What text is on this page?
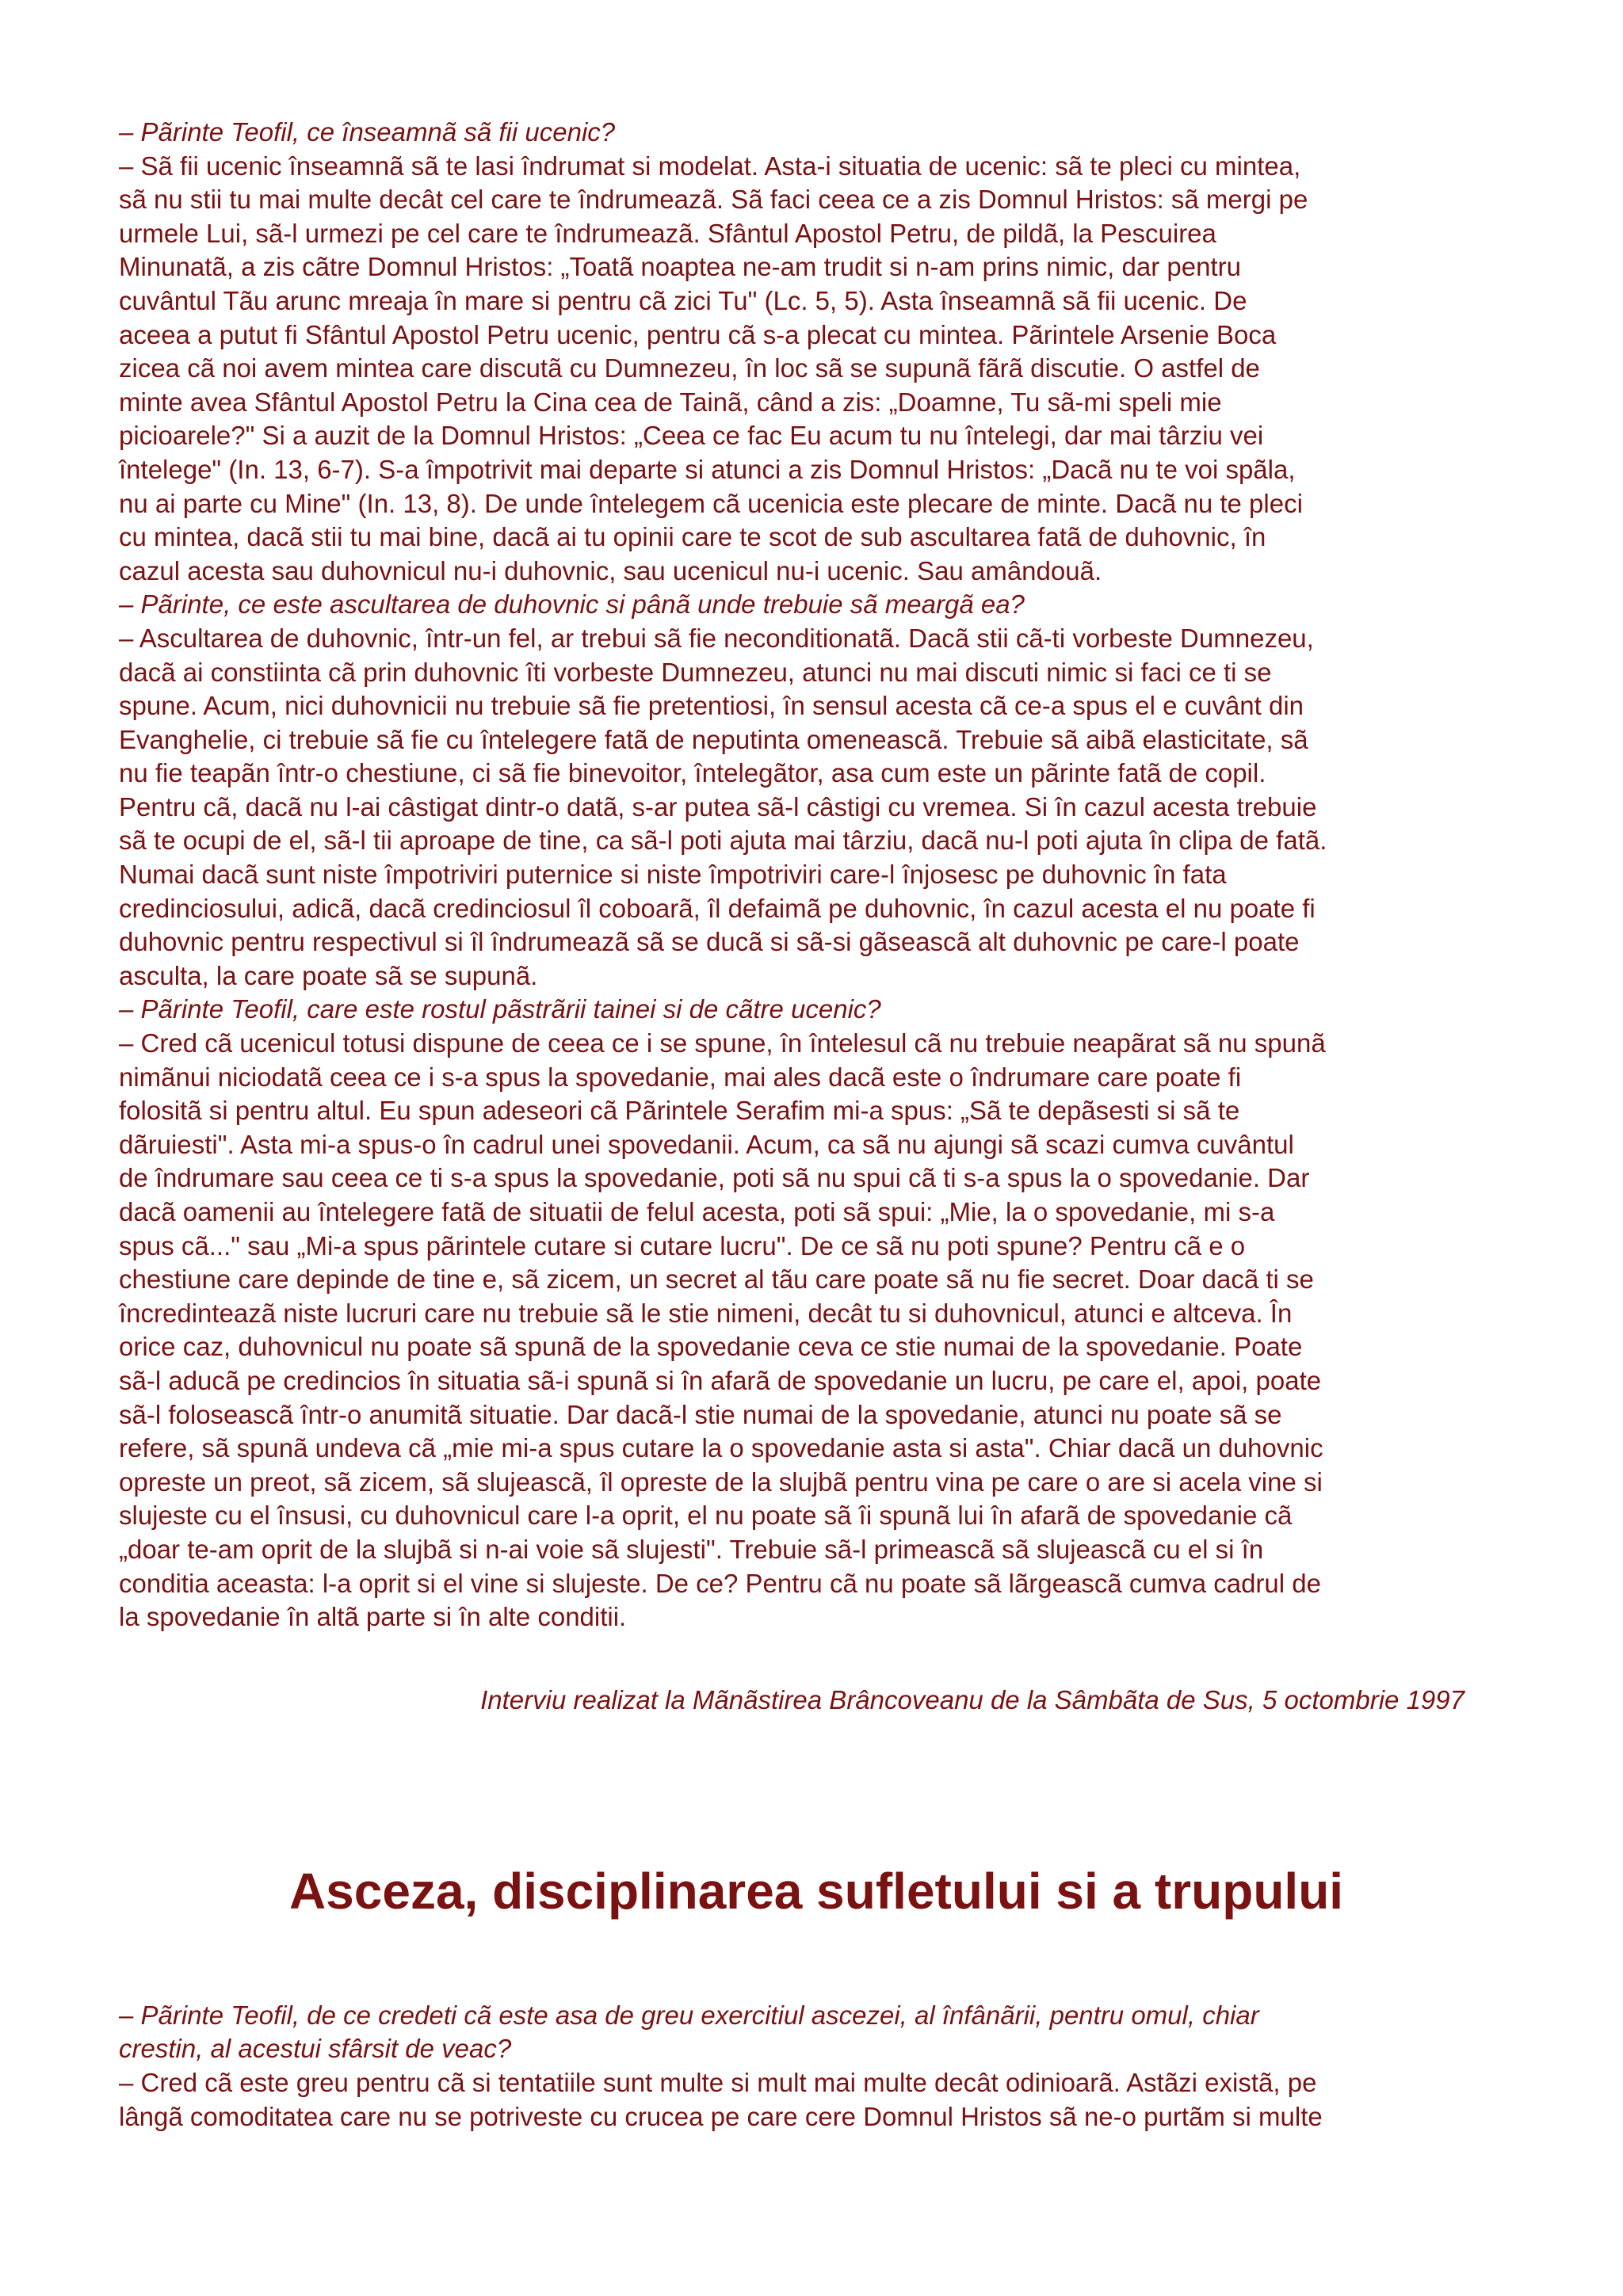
– Pãrinte Teofil, ce înseamnã sã fii ucenic?

– Sã fii ucenic înseamnã sã te lasi îndrumat si modelat. Asta-i situatia de ucenic: sã te pleci cu mintea,
sã nu stii tu mai multe decât cel care te îndrumeazã. Sã faci ceea ce a zis Domnul Hristos: sã mergi pe
urmele Lui, sã-l urmezi pe cel care te îndrumeazã. Sfântul Apostol Petru, de pildã, la Pescuirea
Minunatã, a zis cãtre Domnul Hristos: „Toatã noaptea ne-am trudit si n-am prins nimic, dar pentru
cuvântul Tãu arunc mreaja în mare si pentru cã zici Tu" (Lc. 5, 5). Asta înseamnã sã fii ucenic. De
aceea a putut fi Sfântul Apostol Petru ucenic, pentru cã s-a plecat cu mintea. Pãrintele Arsenie Boca
zicea cã noi avem mintea care discutã cu Dumnezeu, în loc sã se supunã fãrã discutie. O astfel de
minte avea Sfântul Apostol Petru la Cina cea de Tainã, când a zis: „Doamne, Tu sã-mi speli mie
picioarele?" Si a auzit de la Domnul Hristos: „Ceea ce fac Eu acum tu nu întelegi, dar mai târziu vei
întelege" (In. 13, 6-7). S-a împotrivit mai departe si atunci a zis Domnul Hristos: „Dacã nu te voi spãla,
nu ai parte cu Mine" (In. 13, 8). De unde întelegem cã ucenicia este plecare de minte. Dacã nu te pleci
cu mintea, dacã stii tu mai bine, dacã ai tu opinii care te scot de sub ascultarea fatã de duhovnic, în
cazul acesta sau duhovnicul nu-i duhovnic, sau ucenicul nu-i ucenic. Sau amândouã.

– Pãrinte, ce este ascultarea de duhovnic si pânã unde trebuie sã meargã ea?

– Ascultarea de duhovnic, într-un fel, ar trebui sã fie neconditionatã. Dacã stii cã-ti vorbeste Dumnezeu,
dacã ai constiinta cã prin duhovnic îti vorbeste Dumnezeu, atunci nu mai discuti nimic si faci ce ti se
spune. Acum, nici duhovnicii nu trebuie sã fie pretentiosi, în sensul acesta cã ce-a spus el e cuvânt din
Evanghelie, ci trebuie sã fie cu întelegere fatã de neputinta omeneascã. Trebuie sã aibã elasticitate, sã
nu fie teapãn într-o chestiune, ci sã fie binevoitor, întelegãtor, asa cum este un pãrinte fatã de copil.
Pentru cã, dacã nu l-ai câstigat dintr-o datã, s-ar putea sã-l câstigi cu vremea. Si în cazul acesta trebuie
sã te ocupi de el, sã-l tii aproape de tine, ca sã-l poti ajuta mai târziu, dacã nu-l poti ajuta în clipa de fatã.
Numai dacã sunt niste împotriviri puternice si niste împotriviri care-l înjosesc pe duhovnic în fata
credinciosului, adicã, dacã credinciosul îl coboarã, îl defaimã pe duhovnic, în cazul acesta el nu poate fi
duhovnic pentru respectivul si îl îndrumeazã sã se ducã si sã-si gãseascã alt duhovnic pe care-l poate
asculta, la care poate sã se supunã.

– Pãrinte Teofil, care este rostul pãstrãrii tainei si de cãtre ucenic?

– Cred cã ucenicul totusi dispune de ceea ce i se spune, în întelesul cã nu trebuie neapãrat sã nu spunã
nimãnui niciodatã ceea ce i s-a spus la spovedanie, mai ales dacã este o îndrumare care poate fi
folositã si pentru altul. Eu spun adeseori cã Pãrintele Serafim mi-a spus: „Sã te depãsesti si sã te
dãruiesti". Asta mi-a spus-o în cadrul unei spovedanii. Acum, ca sã nu ajungi sã scazi cumva cuvântul
de îndrumare sau ceea ce ti s-a spus la spovedanie, poti sã nu spui cã ti s-a spus la o spovedanie. Dar
dacã oamenii au întelegere fatã de situatii de felul acesta, poti sã spui: „Mie, la o spovedanie, mi s-a
spus cã..." sau „Mi-a spus pãrintele cutare si cutare lucru". De ce sã nu poti spune? Pentru cã e o
chestiune care depinde de tine e, sã zicem, un secret al tãu care poate sã nu fie secret. Doar dacã ti se
încredinteazã niste lucruri care nu trebuie sã le stie nimeni, decât tu si duhovnicul, atunci e altceva. În
orice caz, duhovnicul nu poate sã spunã de la spovedanie ceva ce stie numai de la spovedanie. Poate
sã-l aducã pe credincios în situatia sã-i spunã si în afarã de spovedanie un lucru, pe care el, apoi, poate
sã-l foloseascã într-o anumitã situatie. Dar dacã-l stie numai de la spovedanie, atunci nu poate sã se
refere, sã spunã undeva cã „mie mi-a spus cutare la o spovedanie asta si asta". Chiar dacã un duhovnic
opreste un preot, sã zicem, sã slujeascã, îl opreste de la slujbã pentru vina pe care o are si acela vine si
slujeste cu el însusi, cu duhovnicul care l-a oprit, el nu poate sã îi spunã lui în afarã de spovedanie cã
„doar te-am oprit de la slujbã si n-ai voie sã slujesti". Trebuie sã-l primeascã sã slujeascã cu el si în
conditia aceasta: l-a oprit si el vine si slujeste. De ce? Pentru cã nu poate sã lãrgeascã cumva cadrul de
la spovedanie în altã parte si în alte conditii.

Interviu realizat la Mãnãstirea Brâncoveanu de la Sâmbãta de Sus, 5 octombrie 1997
Asceza, disciplinarea sufletului si a trupului

– Pãrinte Teofil, de ce credeti cã este asa de greu exercitiul ascezei, al înfânãrii, pentru omul, chiar
crestin, al acestui sfârsit de veac?

– Cred cã este greu pentru cã si tentatiile sunt multe si mult mai multe decât odinioarã. Astãzi existã, pe
lângã comoditatea care nu se potriveste cu crucea pe care cere Domnul Hristos sã ne-o purtãm si multe
